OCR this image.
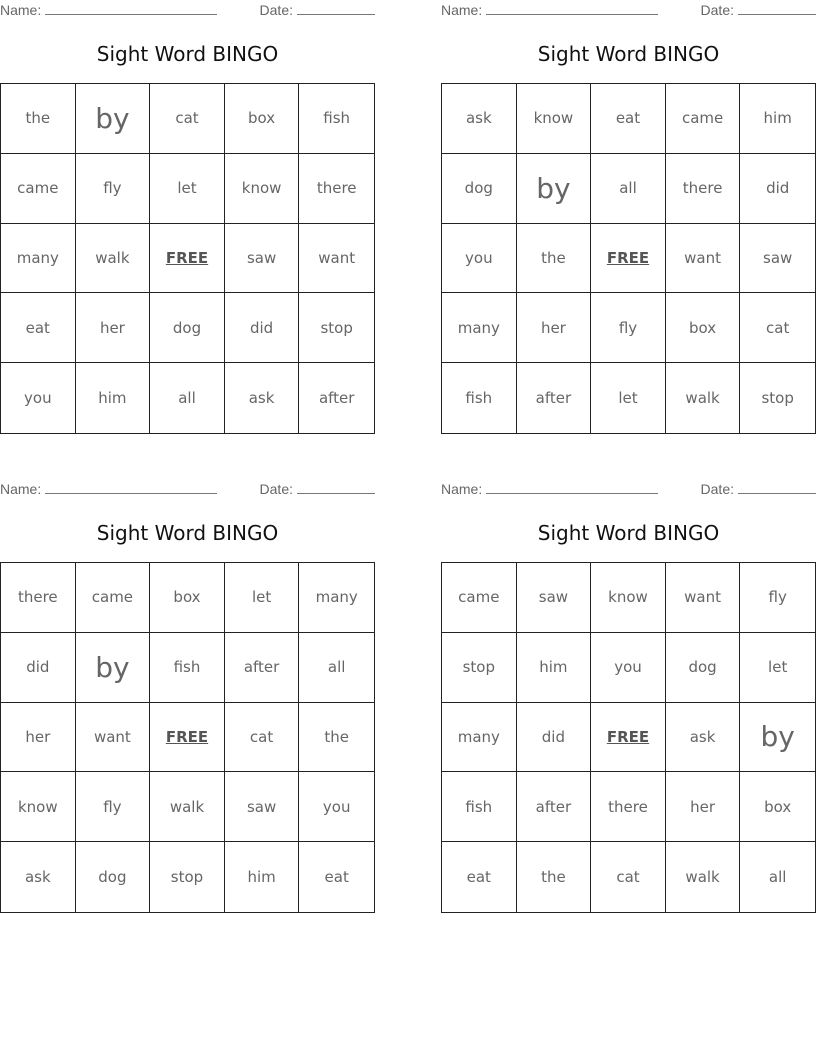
Name:	Date:
Sight Word BINGO
the	by	cat	box	fish
came	fly	let	know	there
many	walk	FREE	saw	want
eat	her	dog	did	stop
you	him	all	ask	after
Name:	Date:
Sight Word BINGO
ask	know	eat	came	him
dog	by	all	there	did
you	the	FREE	want	saw
many	her	fly	box	cat
fish	after	let	walk	stop
Name:	Date:
Sight Word BINGO
there	came	box	let	many
did	by	fish	after	all
her	want	FREE	cat	the
know	fly	walk	saw	you
ask	dog	stop	him	eat
Name:	Date:
Sight Word BINGO
came	saw	know	want	fly
stop	him	you	dog	let
many	did	FREE	ask	by
fish	after	there	her	box
eat	the	cat	walk	all
